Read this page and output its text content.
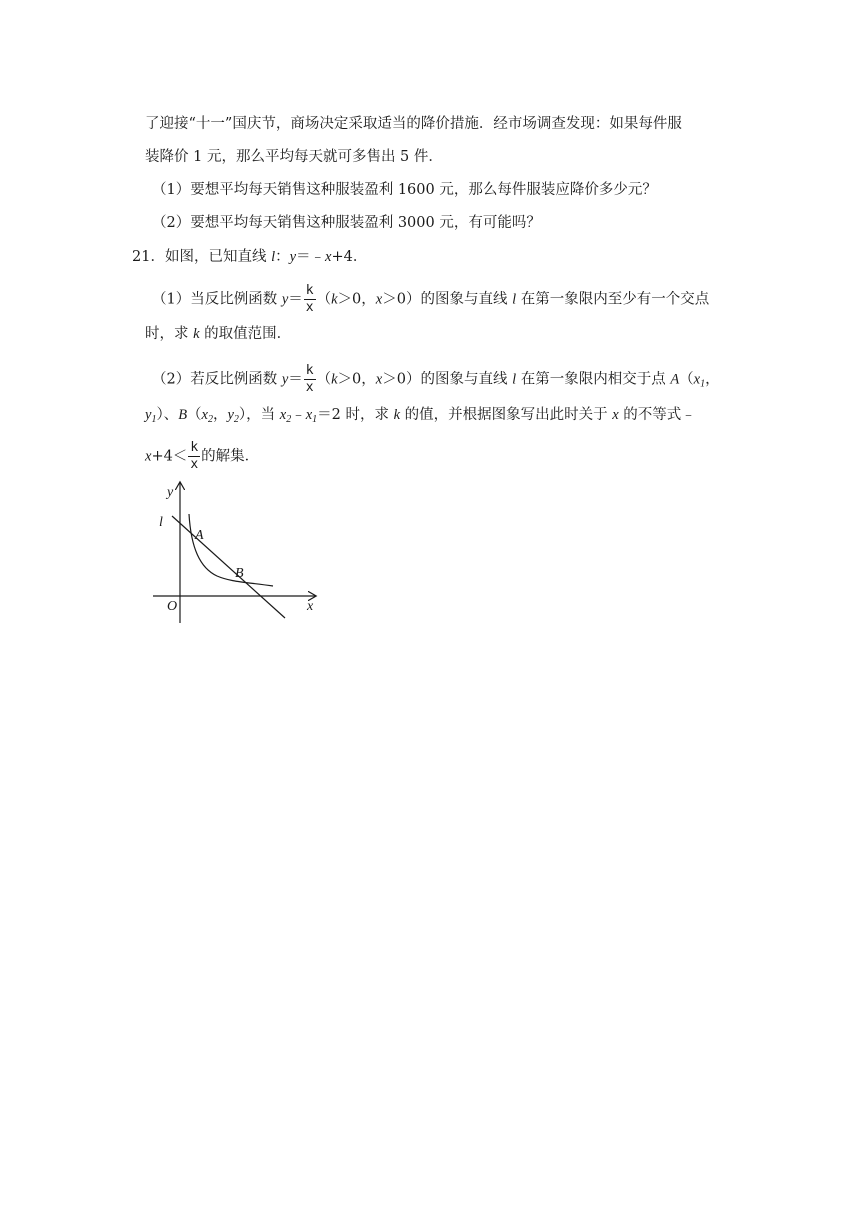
了迎接“十一”国庆节，商场决定采取适当的降价措施．经市场调查发现：如果每件服
装降价 1 元，那么平均每天就可多售出 5 件．
（1）要想平均每天销售这种服装盈利 1600 元，那么每件服装应降价多少元？
（2）要想平均每天销售这种服装盈利 3000 元，有可能吗？
21．如图，已知直线 l：y＝﹣x+4．
（1）当反比例函数 $y= \frac{k}{x} (k>0$，x＞0）的图象与直线 l 在第一象限内至少有一个交点
时，求 k 的取值范围．
（2）若反比例函数 $y= \frac{k}{x} (k>0$，x＞0）的图象与直线 l 在第一象限内相交于点 $A(x_1$，
$y_1$）、$B(x_2$，$y_2$），当 $x_2﹣x_1=2$ 时，求 k 的值，并根据图象写出此时关于 x 的不等式﹣
$x+4< \frac{k}{x}$ 的解集．
y
x
O
l
A
B
